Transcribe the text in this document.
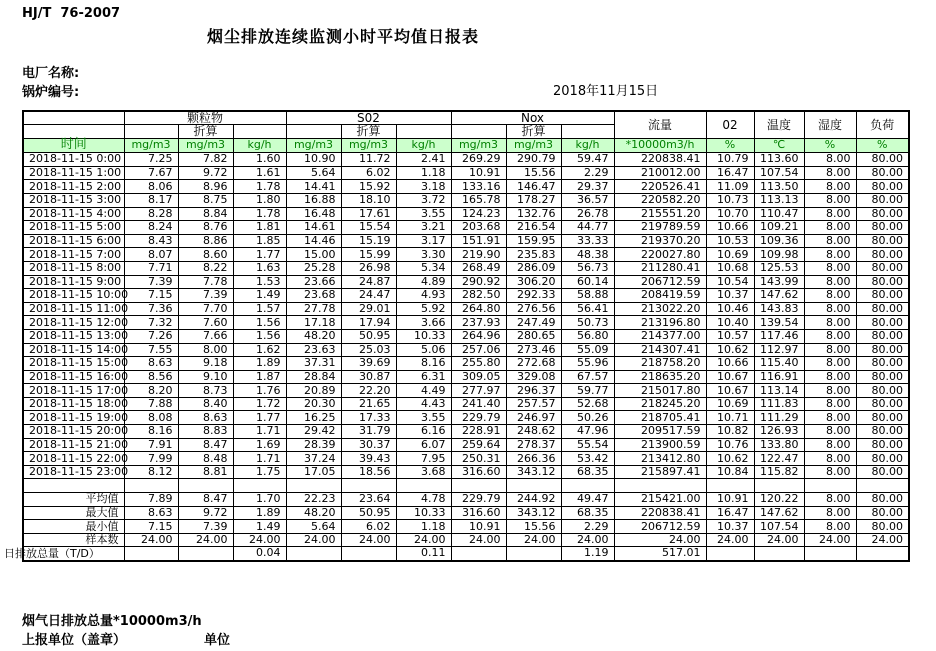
HJ/T  76-2007
烟尘排放连续监测小时平均值日报表
电厂名称:
锅炉编号:	2018年11月15日
	颗粒物			S02			Nox			流量	02	温度	湿度	负荷
		折算			折算			折算						
时间	mg/m3	mg/m3	kg/h	mg/m3	mg/m3	kg/h	mg/m3	mg/m3	kg/h	*10000m3/h	%	℃	%	%
2018-11-15 0:00	7.25	7.82	1.60	10.90	11.72	2.41	269.29	290.79	59.47	220838.41	10.79	113.60	8.00	80.00
2018-11-15 1:00	7.67	9.72	1.61	5.64	6.02	1.18	10.91	15.56	2.29	210012.00	16.47	107.54	8.00	80.00
2018-11-15 2:00	8.06	8.96	1.78	14.41	15.92	3.18	133.16	146.47	29.37	220526.41	11.09	113.50	8.00	80.00
2018-11-15 3:00	8.17	8.75	1.80	16.88	18.10	3.72	165.78	178.27	36.57	220582.20	10.73	113.13	8.00	80.00
2018-11-15 4:00	8.28	8.84	1.78	16.48	17.61	3.55	124.23	132.76	26.78	215551.20	10.70	110.47	8.00	80.00
2018-11-15 5:00	8.24	8.76	1.81	14.61	15.54	3.21	203.68	216.54	44.77	219789.59	10.66	109.21	8.00	80.00
2018-11-15 6:00	8.43	8.86	1.85	14.46	15.19	3.17	151.91	159.95	33.33	219370.20	10.53	109.36	8.00	80.00
2018-11-15 7:00	8.07	8.60	1.77	15.00	15.99	3.30	219.90	235.83	48.38	220027.80	10.69	109.98	8.00	80.00
2018-11-15 8:00	7.71	8.22	1.63	25.28	26.98	5.34	268.49	286.09	56.73	211280.41	10.68	125.53	8.00	80.00
2018-11-15 9:00	7.39	7.78	1.53	23.66	24.87	4.89	290.92	306.20	60.14	206712.59	10.54	143.99	8.00	80.00
2018-11-15 10:00	7.15	7.39	1.49	23.68	24.47	4.93	282.50	292.33	58.88	208419.59	10.37	147.62	8.00	80.00
2018-11-15 11:00	7.36	7.70	1.57	27.78	29.01	5.92	264.80	276.56	56.41	213022.20	10.46	143.83	8.00	80.00
2018-11-15 12:00	7.32	7.60	1.56	17.18	17.94	3.66	237.93	247.49	50.73	213196.80	10.40	139.54	8.00	80.00
2018-11-15 13:00	7.26	7.66	1.56	48.20	50.95	10.33	264.96	280.65	56.80	214377.00	10.57	117.46	8.00	80.00
2018-11-15 14:00	7.55	8.00	1.62	23.63	25.03	5.06	257.06	273.46	55.09	214307.41	10.62	112.97	8.00	80.00
2018-11-15 15:00	8.63	9.18	1.89	37.31	39.69	8.16	255.80	272.68	55.96	218758.20	10.66	115.40	8.00	80.00
2018-11-15 16:00	8.56	9.10	1.87	28.84	30.87	6.31	309.05	329.08	67.57	218635.20	10.67	116.91	8.00	80.00
2018-11-15 17:00	8.20	8.73	1.76	20.89	22.20	4.49	277.97	296.37	59.77	215017.80	10.67	113.14	8.00	80.00
2018-11-15 18:00	7.88	8.40	1.72	20.30	21.65	4.43	241.40	257.57	52.68	218245.20	10.69	111.83	8.00	80.00
2018-11-15 19:00	8.08	8.63	1.77	16.25	17.33	3.55	229.79	246.97	50.26	218705.41	10.71	111.29	8.00	80.00
2018-11-15 20:00	8.16	8.83	1.71	29.42	31.79	6.16	228.91	248.62	47.96	209517.59	10.82	126.93	8.00	80.00
2018-11-15 21:00	7.91	8.47	1.69	28.39	30.37	6.07	259.64	278.37	55.54	213900.59	10.76	133.80	8.00	80.00
2018-11-15 22:00	7.99	8.48	1.71	37.24	39.43	7.95	250.31	266.36	53.42	213412.80	10.62	122.47	8.00	80.00
2018-11-15 23:00	8.12	8.81	1.75	17.05	18.56	3.68	316.60	343.12	68.35	215897.41	10.84	115.82	8.00	80.00

平均值	7.89	8.47	1.70	22.23	23.64	4.78	229.79	244.92	49.47	215421.00	10.91	120.22	8.00	80.00
最大值	8.63	9.72	1.89	48.20	50.95	10.33	316.60	343.12	68.35	220838.41	16.47	147.62	8.00	80.00
最小值	7.15	7.39	1.49	5.64	6.02	1.18	10.91	15.56	2.29	206712.59	10.37	107.54	8.00	80.00
样本数	24.00	24.00	24.00	24.00	24.00	24.00	24.00	24.00	24.00	24.00	24.00	24.00	24.00	24.00

日排放总量（T/D）			0.04			0.11			1.19	517.01				
烟气日排放总量*10000m3/h
上报单位（盖章）	单位
